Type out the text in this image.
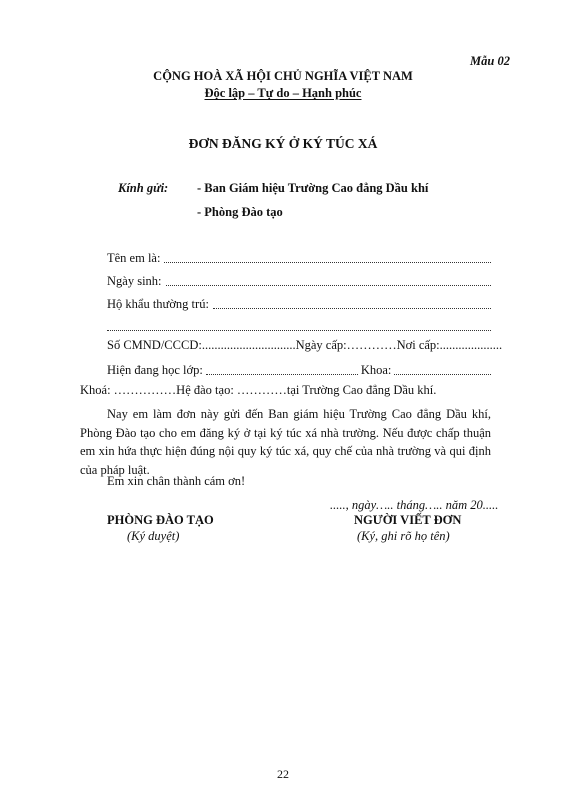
Mẫu 02
CỘNG HOÀ XÃ HỘI CHỦ NGHĨA VIỆT NAM
Độc lập – Tự do – Hạnh phúc
ĐƠN ĐĂNG KÝ Ở KÝ TÚC XÁ
Kính gửi: - Ban Giám hiệu Trường Cao đẳng Dầu khí
- Phòng Đào tạo
Tên em là:
Ngày sinh:
Hộ khẩu thường trú:
Số CMND/CCCD:..............................Ngày cấp:…………Nơi cấp:....................
Hiện đang học lớp:	Khoa:
Khoá: ……………Hệ đào tạo: …………tại Trường Cao đẳng Dầu khí.
Nay em làm đơn này gửi đến Ban giám hiệu Trường Cao đẳng Dầu khí, Phòng Đào tạo cho em đăng ký ở tại ký túc xá nhà trường. Nếu được chấp thuận em xin hứa thực hiện đúng nội quy ký túc xá, quy chế của nhà trường và qui định của pháp luật.
Em xin chân thành cám ơn!
....., ngày….. tháng….. năm 20.....
PHÒNG ĐÀO TẠO
(Ký duyệt)
NGƯỜI VIẾT ĐƠN
(Ký, ghi rõ họ tên)
22
